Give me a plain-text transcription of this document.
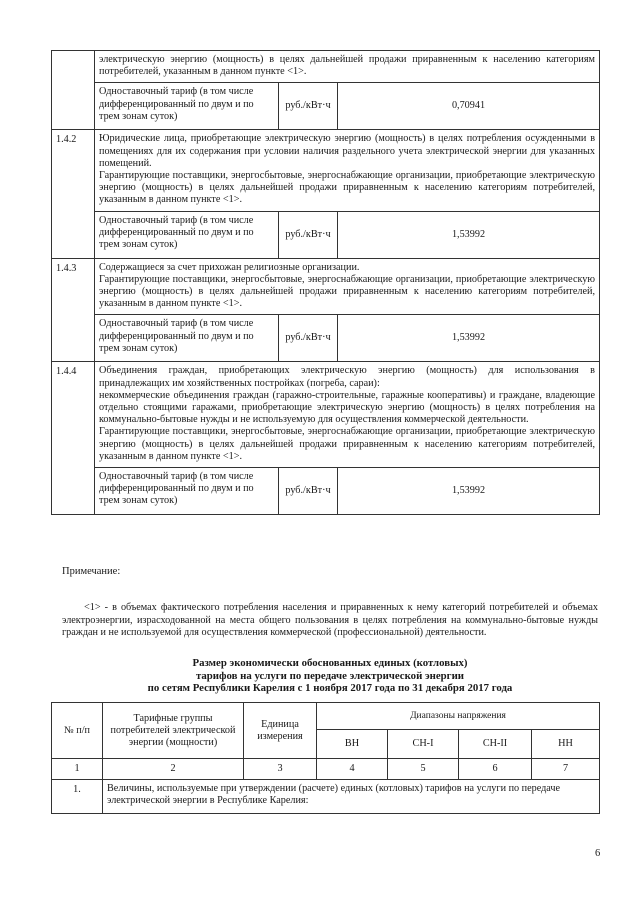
	электрическую энергию (мощность) в целях дальнейшей продажи приравненным к населению категориям потребителей, указанным в данном пункте <1>.		

	Одноставочный тариф (в том числе дифференцированный по двум и по трем зонам суток)	руб./кВт·ч	0,70941
1.4.2	Юридические лица, приобретающие электрическую энергию (мощность) в целях потребления осужденными в помещениях для их содержания при условии наличия раздельного учета электрической энергии для указанных помещений.

Гарантирующие поставщики, энергосбытовые, энергоснабжающие организации, приобретающие электрическую энергию (мощность) в целях дальнейшей продажи приравненным к населению категориям потребителей, указанным в данном пункте <1>.		

	Одноставочный тариф (в том числе дифференцированный по двум и по трем зонам суток)	руб./кВт·ч	1,53992
1.4.3	Содержащиеся за счет прихожан религиозные организации.

Гарантирующие поставщики, энергосбытовые, энергоснабжающие организации, приобретающие электрическую энергию (мощность) в целях дальнейшей продажи приравненным к населению категориям потребителей, указанным в данном пункте <1>.		

	Одноставочный тариф (в том числе дифференцированный по двум и по трем зонам суток)	руб./кВт·ч	1,53992
1.4.4	Объединения граждан, приобретающих электрическую энергию (мощность) для использования в принадлежащих им хозяйственных постройках (погреба, сараи):

некоммерческие объединения граждан (гаражно-строительные, гаражные кооперативы) и граждане, владеющие отдельно стоящими гаражами, приобретающие электрическую энергию (мощность) в целях потребления на коммунально-бытовые нужды и не используемую для осуществления коммерческой деятельности.

Гарантирующие поставщики, энергосбытовые, энергоснабжающие организации, приобретающие электрическую энергию (мощность) в целях дальнейшей продажи приравненным к населению категориям потребителей, указанным в данном пункте <1>.		

	Одноставочный тариф (в том числе дифференцированный по двум и по трем зонам суток)	руб./кВт·ч	1,53992
Примечание:
<1> - в объемах фактического потребления населения и приравненных к нему категорий потребителей и объемах электроэнергии, израсходованной на места общего пользования в целях потребления на коммунально-бытовые нужды граждан и не используемой для осуществления коммерческой (профессиональной) деятельности.
Размер экономически обоснованных единых (котловых)
тарифов на услуги по передаче электрической энергии
по сетям Республики Карелия с 1 ноября 2017 года по 31 декабря 2017 года
№ п/п	Тарифные группы потребителей электрической энергии (мощности)	Единица измерения	Диапазоны напряжения			
			ВН	СН-I	СН-II	НН
1	2	3	4	5	6	7
1.	Величины, используемые при утверждении (расчете) единых (котловых) тарифов на услуги по передаче электрической энергии в Республике Карелия:					
6
